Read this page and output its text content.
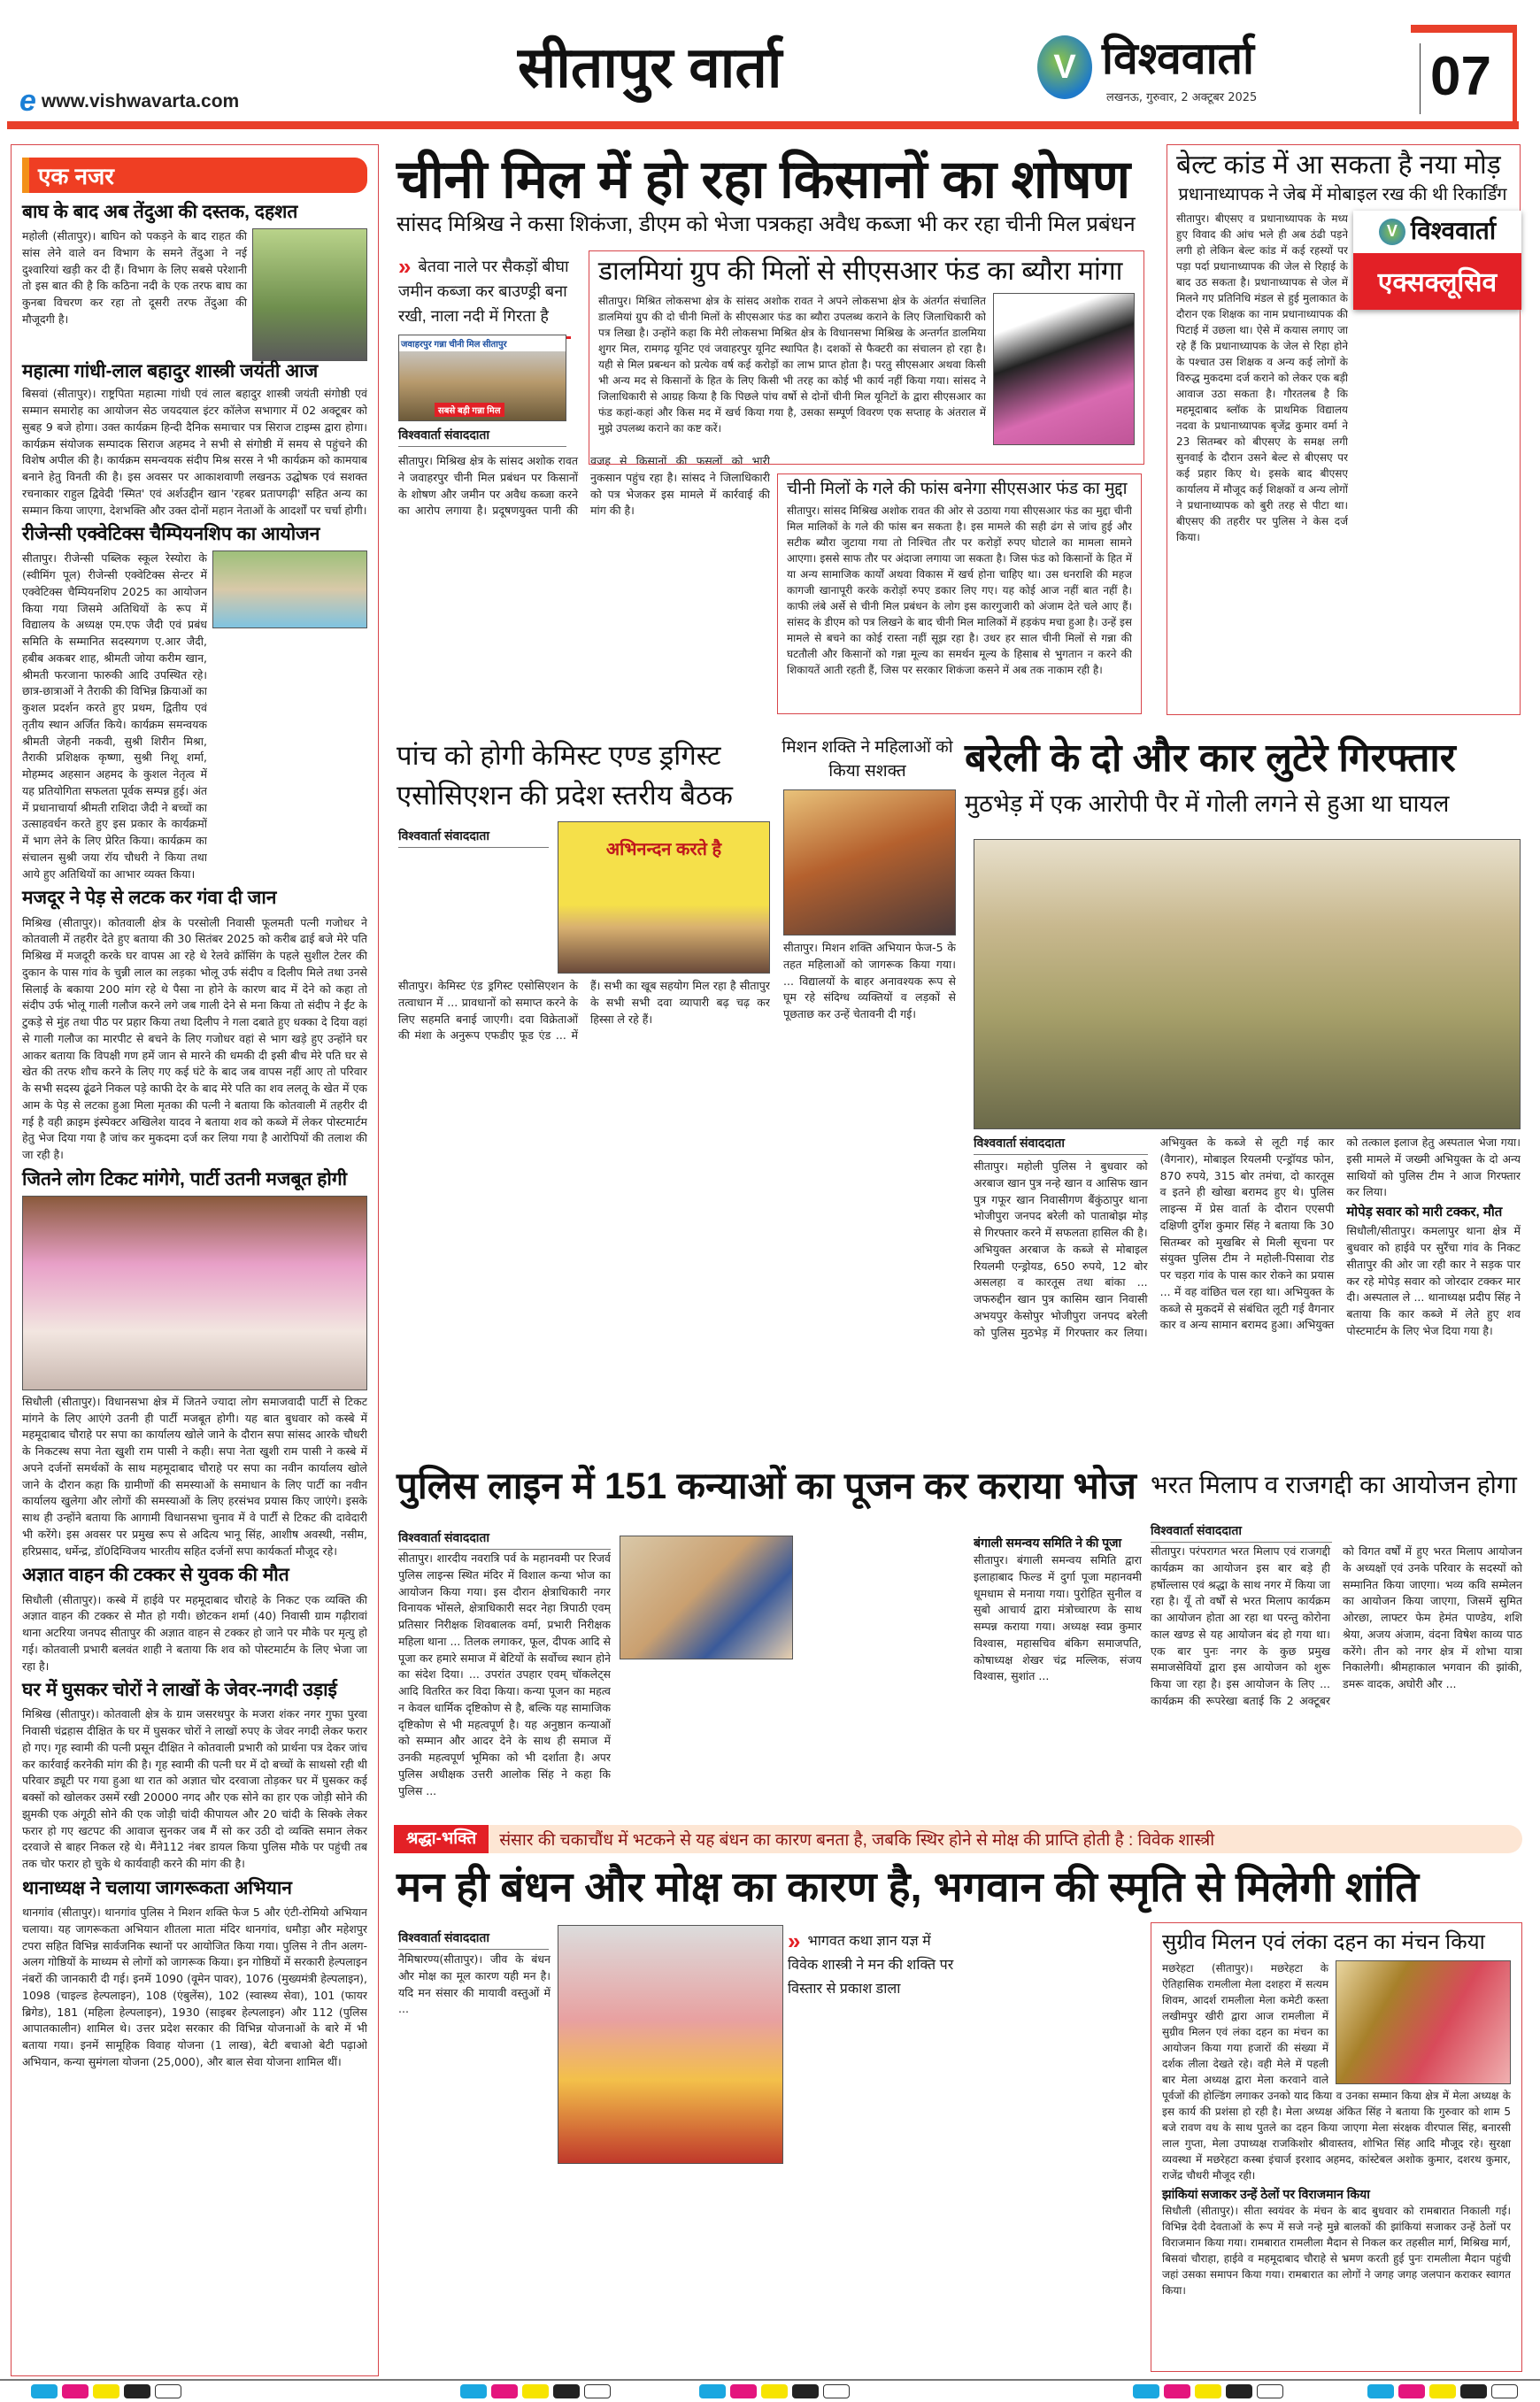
e www.vishwavarta.com
सीतापुर वार्ता	V विश्ववार्ता
लखनऊ, गुरुवार, 2 अक्टूबर 2025	07
एक नजर
बाघ के बाद अब तेंदुआ की दस्तक, दहशत
महोली (सीतापुर)। बाघिन को पकड़ने के बाद राहत की सांस लेने वाले वन विभाग के समने तेंदुआ ने नई दुश्वारियां खड़ी कर दी हैं। विभाग के लिए सबसे परेशानी तो इस बात की है कि कठिना नदी के एक तरफ बाघ का कुनबा विचरण कर रहा तो दूसरी तरफ तेंदुआ की मौजूदगी है।
महात्मा गांधी-लाल बहादुर शास्त्री जयंती आज
बिसवां (सीतापुर)। राष्ट्रपिता महात्मा गांधी एवं लाल बहादुर शास्त्री जयंती संगोष्ठी एवं सम्मान समारोह का आयोजन सेठ जयदयाल इंटर कॉलेज सभागार में 02 अक्टूबर को सुबह 9 बजे होगा। उक्त कार्यक्रम हिन्दी दैनिक समाचार पत्र सिराज टाइम्स द्वारा होगा। कार्यक्रम संयोजक सम्पादक सिराज अहमद ने सभी से संगोष्ठी में समय से पहुंचने की विशेष अपील की है। कार्यक्रम समन्वयक संदीप मिश्र सरस ने भी कार्यक्रम को कामयाब बनाने हेतु विनती की है। इस अवसर पर आकाशवाणी लखनऊ उद्घोषक एवं सशक्त रचनाकार राहुल द्विवेदी 'स्मित' एवं अर्शउद्दीन खान 'रहबर प्रतापगढ़ी' सहित अन्य का सम्मान किया जाएगा, देशभक्ति और उक्त दोनों महान नेताओं के आदर्शों पर चर्चा होगी।
रीजेन्सी एक्वेटिक्स चैम्पियनशिप का आयोजन
सीतापुर। रीजेन्सी पब्लिक स्कूल रेस्योरा के (स्वीमिंग पूल) रीजेन्सी एक्वेटिक्स सेन्टर में एक्वेटिक्स चैम्पियनशिप 2025 का आयोजन किया गया जिसमे अतिथियों के रूप में विद्यालय के अध्यक्ष एम.एफ जैदी एवं प्रबंध समिति के सम्मानित सदस्यगण ए.आर जैदी, हबीब अकबर शाह, श्रीमती जोया करीम खान, श्रीमती फरजाना फारुकी आदि उपस्थित रहे। छात्र-छात्राओं ने तैराकी की विभिन्न क्रियाओं का कुशल प्रदर्शन करते हुए प्रथम, द्वितीय एवं तृतीय स्थान अर्जित किये। कार्यक्रम समन्वयक श्रीमती जेहनी नकवी, सुश्री शिरीन मिश्रा, तैराकी प्रशिक्षक कृष्णा, सुश्री निशू शर्मा, मोहम्मद अहसान अहमद के कुशल नेतृत्व में यह प्रतियोगिता सफलता पूर्वक सम्पन्न हुई। अंत में प्रधानाचार्या श्रीमती राशिदा जैदी ने बच्चों का उत्साहवर्धन करते हुए इस प्रकार के कार्यक्रमों में भाग लेने के लिए प्रेरित किया। कार्यक्रम का संचालन सुश्री जया रॉय चौधरी ने किया तथा आये हुए अतिथियों का आभार व्यक्त किया।
मजदूर ने पेड़ से लटक कर गंवा दी जान
मिश्रिख (सीतापुर)। कोतवाली क्षेत्र के परसोली निवासी फूलमती पत्नी गजोधर ने कोतवाली में तहरीर देते हुए बताया की 30 सितंबर 2025 को करीब ढाई बजे मेरे पति मिश्रिख में मजदूरी करके घर वापस आ रहे थे रेलवे क्रॉसिंग के पहले सुशील टेलर की दुकान के पास गांव के चुन्नी लाल का लड़का भोलू उर्फ संदीप व दिलीप मिले तथा उनसे सिलाई के बकाया 200 मांग रहे थे पैसा ना होने के कारण बाद में देने को कहा तो संदीप उर्फ भोलू गाली गलौज करने लगे जब गाली देने से मना किया तो संदीप ने ईंट के टुकड़े से मुंह तथा पीठ पर प्रहार किया तथा दिलीप ने गला दबाते हुए धक्का दे दिया वहां से गाली गलौज का मारपीट से बचने के लिए गजोधर वहां से भाग खड़े हुए उन्होंने घर आकर बताया कि विपक्षी गण हमें जान से मारने की धमकी दी इसी बीच मेरे पति घर से खेत की तरफ शौच करने के लिए गए कई घंटे के बाद जब वापस नहीं आए तो परिवार के सभी सदस्य ढूंढने निकल पड़े काफी देर के बाद मेरे पति का शव ललतू के खेत में एक आम के पेड़ से लटका हुआ मिला मृतका की पत्नी ने बताया कि कोतवाली में तहरीर दी गई है वही क्राइम इंस्पेक्टर अखिलेश यादव ने बताया शव को कब्जे में लेकर पोस्टमार्टम हेतु भेज दिया गया है जांच कर मुकदमा दर्ज कर लिया गया है आरोपियों की तलाश की जा रही है।
जितने लोग टिकट मांगेगे, पार्टी उतनी मजबूत होगी
सिधौली (सीतापुर)। विधानसभा क्षेत्र में जितने ज्यादा लोग समाजवादी पार्टी से टिकट मांगने के लिए आएंगे उतनी ही पार्टी मजबूत होगी। यह बात बुधवार को कस्बे में महमूदाबाद चौराहे पर सपा का कार्यालय खोले जाने के दौरान सपा सांसद आरके चौधरी के निकटस्थ सपा नेता खुशी राम पासी ने कही। सपा नेता खुशी राम पासी ने कस्बे में अपने दर्जनों समर्थकों के साथ महमूदाबाद चौराहे पर सपा का नवीन कार्यालय खोले जाने के दौरान कहा कि ग्रामीणों की समस्याओं के समाधान के लिए पार्टी का नवीन कार्यालय खुलेगा और लोगों की समस्याओं के लिए हरसंभव प्रयास किए जाएंगे। इसके साथ ही उन्होंने बताया कि आगामी विधानसभा चुनाव में वे पार्टी से टिकट की दावेदारी भी करेंगे। इस अवसर पर प्रमुख रूप से अदित्य भानू सिंह, आशीष अवस्थी, नसीम, हरिप्रसाद, धर्मेन्द्र, डॉ0दिग्विजय भारतीय सहित दर्जनों सपा कार्यकर्ता मौजूद रहे।
अज्ञात वाहन की टक्कर से युवक की मौत
सिधौली (सीतापुर)। कस्बे में हाईवे पर महमूदाबाद चौराहे के निकट एक व्यक्ति की अज्ञात वाहन की टक्कर से मौत हो गयी। छोटकन शर्मा (40) निवासी ग्राम गढ़ीरावां थाना अटरिया जनपद सीतापुर की अज्ञात वाहन से टक्कर हो जाने पर मौके पर मृत्यु हो गई। कोतवाली प्रभारी बलवंत शाही ने बताया कि शव को पोस्टमार्टम के लिए भेजा जा रहा है।
घर में घुसकर चोरों ने लाखों के जेवर-नगदी उड़ाई
मिश्रिख (सीतापुर)। कोतवाली क्षेत्र के ग्राम जसरथपुर के मजरा शंकर नगर गुफा पुरवा निवासी चंद्रहास दीक्षित के घर में घुसकर चोरों ने लाखों रुपए के जेवर नगदी लेकर फरार हो गए। गृह स्वामी की पत्नी प्रसून दीक्षित ने कोतवाली प्रभारी को प्रार्थना पत्र देकर जांच कर कार्रवाई करनेकी मांग की है। गृह स्वामी की पत्नी घर में दो बच्चों के साथसो रही थी परिवार ड्यूटी पर गया हुआ था रात को अज्ञात चोर दरवाजा तोड़कर घर में घुसकर कई बक्सों को खोलकर उसमें रखी 20000 नगद और एक सोने का हार एक जोड़ी सोने की झुमकी एक अंगूठी सोने की एक जोड़ी चांदी कीपायल और 20 चांदी के सिक्के लेकर फरार हो गए खटपट की आवाज सुनकर जब मैं सो कर उठी दो व्यक्ति समान लेकर दरवाजे से बाहर निकल रहे थे। मैंने112 नंबर डायल किया पुलिस मौके पर पहुंची तब तक चोर फरार हो चुके थे कार्यवाही करने की मांग की है।
थानाध्यक्ष ने चलाया जागरूकता अभियान
थानगांव (सीतापुर)। थानगांव पुलिस ने मिशन शक्ति फेज 5 और एंटी-रोमियो अभियान चलाया। यह जागरूकता अभियान शीतला माता मंदिर थानगांव, धमौड़ा और महेशपुर टपरा सहित विभिन्न सार्वजनिक स्थानों पर आयोजित किया गया। पुलिस ने तीन अलग-अलग गोष्ठियों के माध्यम से लोगों को जागरूक किया। इन गोष्ठियों में सरकारी हेल्पलाइन नंबरों की जानकारी दी गई। इनमें 1090 (वूमेन पावर), 1076 (मुख्यमंत्री हेल्पलाइन), 1098 (चाइल्ड हेल्पलाइन), 108 (एंबुलेंस), 102 (स्वास्थ्य सेवा), 101 (फायर ब्रिगेड), 181 (महिला हेल्पलाइन), 1930 (साइबर हेल्पलाइन) और 112 (पुलिस आपातकालीन) शामिल थे। उत्तर प्रदेश सरकार की विभिन्न योजनाओं के बारे में भी बताया गया। इनमें सामूहिक विवाह योजना (1 लाख), बेटी बचाओ बेटी पढ़ाओ अभियान, कन्या सुमंगला योजना (25,000), और बाल सेवा योजना शामिल थीं।
चीनी मिल में हो रहा किसानों का शोषण
सांसद मिश्रिख ने कसा शिकंजा, डीएम को भेजा पत्रकहा अवैध कब्जा भी कर रहा चीनी मिल प्रबंधन
» बेतवा नाले पर सैकड़ों बीघा जमीन कब्जा कर बाउण्ड्री बना रखी, नाला नदी में गिरता है
जवाहरपुर गन्ना चीनी मिल सीतापुर
सबसे बड़ी गन्ना मिल
विश्ववार्ता संवाददाता
सीतापुर। मिश्रिख क्षेत्र के सांसद अशोक रावत ने जवाहरपुर चीनी मिल प्रबंधन पर किसानों के शोषण और जमीन पर अवैध कब्जा करने का आरोप लगाया है। प्रदूषणयुक्त पानी की वजह से किसानों की फसलों को भारी नुकसान पहुंच रहा है। सांसद ने जिलाधिकारी को पत्र भेजकर इस मामले में कार्रवाई की मांग की है।
डालमियां ग्रुप की मिलों से सीएसआर फंड का ब्यौरा मांगा
सीतापुर। मिश्रित लोकसभा क्षेत्र के सांसद अशोक रावत ने अपने लोकसभा क्षेत्र के अंतर्गत संचालित डालमियां ग्रुप की दो चीनी मिलों के सीएसआर फंड का ब्यौरा उपलब्ध कराने के लिए जिलाधिकारी को पत्र लिखा है। उन्होंने कहा कि मेरी लोकसभा मिश्रित क्षेत्र के विधानसभा मिश्रिख के अन्तर्गत डालमिया शुगर मिल, रामगढ़ यूनिट एवं जवाहरपुर यूनिट स्थापित है। दशकों से फैक्टरी का संचालन हो रहा है। यही से मिल प्रबन्धन को प्रत्येक वर्ष कई करोड़ों का लाभ प्राप्त होता है। परतु सीएसआर अथवा किसी भी अन्य मद से किसानों के हित के लिए किसी भी तरह का कोई भी कार्य नहीं किया गया। सांसद ने जिलाधिकारी से आग्रह किया है कि पिछले पांच वर्षो से दोनों चीनी मिल यूनिटों के द्वारा सीएसआर का फंड कहां-कहां और किस मद में खर्च किया गया है, उसका सम्पूर्ण विवरण एक सप्ताह के अंतराल में मुझे उपलब्ध कराने का कष्ट करें।
चीनी मिलों के गले की फांस बनेगा सीएसआर फंड का मुद्दा
सीतापुर। सांसद मिश्रिख अशोक रावत की ओर से उठाया गया सीएसआर फंड का मुद्दा चीनी मिल मालिकों के गले की फांस बन सकता है। इस मामले की सही ढंग से जांच हुई और सटीक ब्यौरा जुटाया गया तो निश्चित तौर पर करोड़ों रुपए घोटाले का मामला सामने आएगा। इससे साफ तौर पर अंदाजा लगाया जा सकता है। जिस फंड को किसानों के हित में या अन्य सामाजिक कार्यों अथवा विकास में खर्च होना चाहिए था। उस धनराशि की महज कागजी खानापूरी करके करोड़ों रुपए डकार लिए गए। यह कोई आज नहीं बात नहीं है। काफी लंबे अर्से से चीनी मिल प्रबंधन के लोग इस कारगुजारी को अंजाम देते चले आए हैं। सांसद के डीएम को पत्र लिखने के बाद चीनी मिल मालिकों में हड़कंप मचा हुआ है। उन्हें इस मामले से बचने का कोई रास्ता नहीं सूझ रहा है। उधर हर साल चीनी मिलों से गन्ना की घटतौली और किसानों को गन्ना मूल्य का समर्थन मूल्य के हिसाब से भुगतान न करने की शिकायतें आती रहती हैं, जिस पर सरकार शिकंजा कसने में अब तक नाकाम रही है।
बेल्ट कांड में आ सकता है नया मोड़
प्रधानाध्यापक ने जेब में मोबाइल रख की थी रिकार्डिंग
V विश्ववार्ता
एक्सक्लूसिव
सीतापुर। बीएसए व प्रधानाध्यापक के मध्य हुए विवाद की आंच भले ही अब ठंढी पड़ने लगी हो लेकिन बेल्ट कांड में कई रहस्यों पर पड़ा पर्दा प्रधानाध्यापक की जेल से रिहाई के बाद उठ सकता है। प्रधानाध्यापक से जेल में मिलने गए प्रतिनिधि मंडल से हुई मुलाकात के दौरान एक शिक्षक का नाम प्रधानाध्यापक की पिटाई में उछला था। ऐसे में कयास लगाए जा रहे हैं कि प्रधानाध्यापक के जेल से रिहा होने के पश्चात उस शिक्षक व अन्य कई लोगों के विरुद्ध मुकदमा दर्ज कराने को लेकर एक बड़ी आवाज उठा सकता है। गौरतलब है कि महमूदाबाद ब्लॉक के प्राथमिक विद्यालय नदवा के प्रधानाध्यापक बृजेंद्र कुमार वर्मा ने 23 सितम्बर को बीएसए के समक्ष लगी सुनवाई के दौरान उसने बेल्ट से बीएसए पर कई प्रहार किए थे। इसके बाद बीएसए कार्यालय में मौजूद कई शिक्षकों व अन्य लोगों ने प्रधानाध्यापक को बुरी तरह से पीटा था। बीएसए की तहरीर पर पुलिस ने केस दर्ज किया।
पांच को होगी केमिस्ट एण्ड ड्रगिस्ट एसोसिएशन की प्रदेश स्तरीय बैठक
विश्ववार्ता संवाददाता
अभिनन्दन करते है
सीतापुर। केमिस्ट एंड ड्रगिस्ट एसोसिएशन के तत्वाधान में ... प्रावधानों को समाप्त करने के लिए सहमति बनाई जाएगी। दवा विक्रेताओं की मंशा के अनुरूप एफडीए फूड एंड ... में हैं। सभी का खूब सहयोग मिल रहा है सीतापुर के सभी सभी दवा व्यापारी बढ़ चढ़ कर हिस्सा ले रहे हैं।
मिशन शक्ति ने महिलाओं को किया सशक्त
सीतापुर। मिशन शक्ति अभियान फेज-5 के तहत महिलाओं को जागरूक किया गया। ... विद्यालयों के बाहर अनावश्यक रूप से घूम रहे संदिग्ध व्यक्तियों व लड़कों से पूछताछ कर उन्हें चेतावनी दी गई।
बरेली के दो और कार लुटेरे गिरफ्तार
मुठभेड़ में एक आरोपी पैर में गोली लगने से हुआ था घायल
विश्ववार्ता संवाददाता
सीतापुर। महोली पुलिस ने बुधवार को अरबाज खान पुत्र नन्हे खान व आसिफ खान पुत्र गफूर खान निवासीगण बैंकुंठापुर थाना भोजीपुरा जनपद बरेली को पाताबोझ मोड़ से गिरफ्तार करने में सफलता हासिल की है। अभियुक्त अरबाज के कब्जे से मोबाइल रियलमी एन्ड्रोयड, 650 रुपये, 12 बोर असलहा व कारतूस तथा बांका ... जफरुद्दीन खान पुत्र कासिम खान निवासी अभयपुर केसोपुर भोजीपुरा जनपद बरेली को पुलिस मुठभेड़ में गिरफ्तार कर लिया। अभियुक्त के कब्जे से लूटी गई कार (वैगनार), मोबाइल रियलमी एन्ड्रॉयड फोन, 870 रुपये, 315 बोर तमंचा, दो कारतूस व इतने ही खोखा बरामद हुए थे। पुलिस लाइन्स में प्रेस वार्ता के दौरान एएसपी दक्षिणी दुर्गेश कुमार सिंह ने बताया कि 30 सितम्बर को मुखबिर से मिली सूचना पर संयुक्त पुलिस टीम ने महोली-पिसावा रोड पर चड़रा गांव के पास कार रोकने का प्रयास ... में वह वांछित चल रहा था। अभियुक्त के कब्जे से मुकदमें से संबंधित लूटी गई वैगनार कार व अन्य सामान बरामद हुआ। अभियुक्त को तत्काल इलाज हेतु अस्पताल भेजा गया। इसी मामले में जख्मी अभियुक्त के दो अन्य साथियों को पुलिस टीम ने आज गिरफ्तार कर लिया।
मोपेड़ सवार को मारी टक्कर, मौत
सिधौली/सीतापुर। कमलापुर थाना क्षेत्र में बुधवार को हाईवे पर सुरैंचा गांव के निकट सीतापुर की ओर जा रही कार ने सड़क पार कर रहे मोपेड़ सवार को जोरदार टक्कर मार दी। अस्पताल ले ... थानाध्यक्ष प्रदीप सिंह ने बताया कि कार कब्जे में लेते हुए शव पोस्टमार्टम के लिए भेज दिया गया है।
पुलिस लाइन में 151 कन्याओं का पूजन कर कराया भोज
विश्ववार्ता संवाददाता
सीतापुर। शारदीय नवरात्रि पर्व के महानवमी पर रिजर्व पुलिस लाइन्स स्थित मंदिर में विशाल कन्या भोज का आयोजन किया गया। इस दौरान क्षेत्राधिकारी नगर विनायक भोंसले, क्षेत्राधिकारी सदर नेहा त्रिपाठी एवम् प्रतिसार निरीक्षक शिवबालक वर्मा, प्रभारी निरीक्षक महिला थाना ... तिलक लगाकर, फूल, दीपक आदि से पूजा कर हमारे समाज में बेटियों के सर्वोच्च स्थान होने का संदेश दिया। ... उपरांत उपहार एवम् चॉकलेट्स आदि वितरित कर विदा किया। कन्या पूजन का महत्व न केवल धार्मिक दृष्टिकोण से है, बल्कि यह सामाजिक दृष्टिकोण से भी महत्वपूर्ण है। यह अनुष्ठान कन्याओं को सम्मान और आदर देने के साथ ही समाज में उनकी महत्वपूर्ण भूमिका को भी दर्शाता है। अपर पुलिस अधीक्षक उत्तरी आलोक सिंह ने कहा कि पुलिस ...
बंगाली समन्वय समिति ने की पूजा
सीतापुर। बंगाली समन्वय समिति द्वारा इलाहाबाद फिल्ड में दुर्गा पूजा महानवमी धूमधाम से मनाया गया। पुरोहित सुनील व सुबो आचार्य द्वारा मंत्रोच्चारण के साथ सम्पन्न कराया गया। अध्यक्ष स्वप्न कुमार विश्वास, महासचिव बंकिग समाजपति, कोषाध्यक्ष शेखर चंद्र मल्लिक, संजय विश्वास, सुशांत ...
भरत मिलाप व राजगद्दी का आयोजन होगा
विश्ववार्ता संवाददाता
सीतापुर। परंपरागत भरत मिलाप एवं राजगद्दी कार्यक्रम का आयोजन इस बार बड़े ही हर्षोल्लास एवं श्रद्धा के साथ नगर में किया जा रहा है। यूँ तो वर्षों से भरत मिलाप कार्यक्रम का आयोजन होता आ रहा था परन्तु कोरोना काल खण्ड से यह आयोजन बंद हो गया था। एक बार पुनः नगर के कुछ प्रमुख समाजसेवियों द्वारा इस आयोजन को शुरू किया जा रहा है। इस आयोजन के लिए ... कार्यक्रम की रूपरेखा बताई कि 2 अक्टूबर को विगत वर्षों में हुए भरत मिलाप आयोजन के अध्यक्षों एवं उनके परिवार के सदस्यों को सम्मानित किया जाएगा। भव्य कवि सम्मेलन का आयोजन किया जाएगा, जिसमें सुमित ओरछा, लाफ्टर फेम हेमंत पाण्डेय, शशि श्रेया, अजय अंजाम, वंदना विषेश काव्य पाठ करेंगे। तीन को नगर क्षेत्र में शोभा यात्रा निकालेगी। श्रीमहाकाल भगवान की झांकी, डमरू वादक, अघोरी और ...
श्रद्धा-भक्ति	संसार की चकाचौंध में भटकने से यह बंधन का कारण बनता है, जबकि स्थिर होने से मोक्ष की प्राप्ति होती है : विवेक शास्त्री
मन ही बंधन और मोक्ष का कारण है, भगवान की स्मृति से मिलेगी शांति
विश्ववार्ता संवाददाता
नैमिषारण्य(सीतापुर)। जीव के बंधन और मोक्ष का मूल कारण यही मन है। यदि मन संसार की मायावी वस्तुओं में ...
» भागवत कथा ज्ञान यज्ञ में विवेक शास्त्री ने मन की शक्ति पर विस्तार से प्रकाश डाला
सुग्रीव मिलन एवं लंका दहन का मंचन किया
मछरेहटा (सीतापुर)। मछरेहटा के ऐतिहासिक रामलीला मेला दशहरा में सत्यम शिवम, आदर्श रामलीला मेला कमेटी कस्ता लखीमपुर खीरी द्वारा आज रामलीला में सुग्रीव मिलन एवं लंका दहन का मंचन का आयोजन किया गया हजारों की संख्या में दर्शक लीला देखते रहे। वही मेले में पहली बार मेला अध्यक्ष द्वारा मेला करवाने वाले पूर्वजों की होल्डिंग लगाकर उनको याद किया व उनका सम्मान किया क्षेत्र में मेला अध्यक्ष के इस कार्य की प्रशंसा हो रही है। मेला अध्यक्ष अंकित सिंह ने बताया कि गुरुवार को शाम 5 बजे रावण वध के साथ पुतले का दहन किया जाएगा मेला संरक्षक वीरपाल सिंह, बनारसी लाल गुप्ता, मेला उपाध्यक्ष राजकिशोर श्रीवास्तव, शोभित सिंह आदि मौजूद रहे। सुरक्षा व्यवस्था में मछरेहटा कस्बा इंचार्ज इरशाद अहमद, कांस्टेबल अशोक कुमार, दशरथ कुमार, राजेंद्र चौधरी मौजूद रही।
झांकियां सजाकर उन्हें ठेलों पर विराजमान किया
सिधौली (सीतापुर)। सीता स्वयंवर के मंचन के बाद बुधवार को रामबारात निकाली गई। विभिन्न देवी देवताओं के रूप में सजे नन्हे मुन्ने बालकों की झांकियां सजाकर उन्हें ठेलों पर विराजमान किया गया। रामबारात रामलीला मैदान से निकल कर तहसील मार्ग, मिश्रिख मार्ग, बिसवां चौराहा, हाईवे व महमूदाबाद चौराहे से भ्रमण करती हुई पुनः रामलीला मैदान पहुंची जहां उसका समापन किया गया। रामबारात का लोगों ने जगह जगह जलपान कराकर स्वागत किया।
